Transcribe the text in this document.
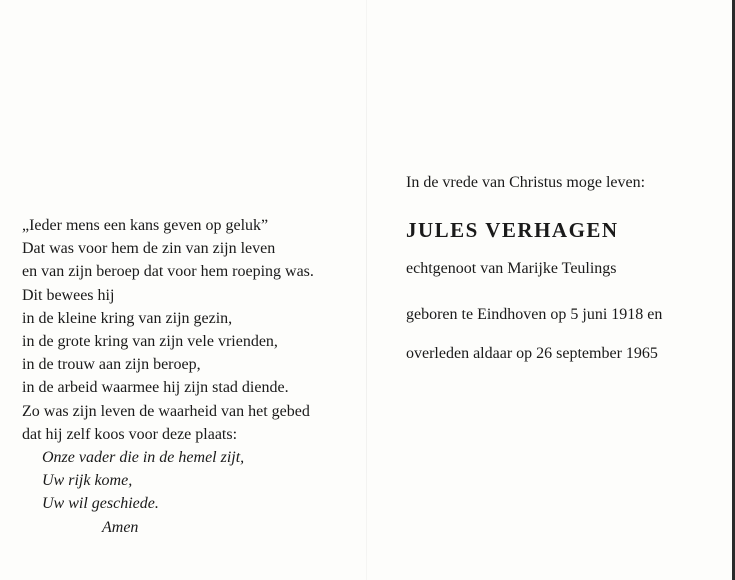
„Ieder mens een kans geven op geluk”
Dat was voor hem de zin van zijn leven
en van zijn beroep dat voor hem roeping was.
Dit bewees hij
in de kleine kring van zijn gezin,
in de grote kring van zijn vele vrienden,
in de trouw aan zijn beroep,
in de arbeid waarmee hij zijn stad diende.
Zo was zijn leven de waarheid van het gebed
dat hij zelf koos voor deze plaats:
Onze vader die in de hemel zijt,
Uw rijk kome,
Uw wil geschiede.
Amen
In de vrede van Christus moge leven:
JULES VERHAGEN
echtgenoot van Marijke Teulings
geboren te Eindhoven op 5 juni 1918 en
overleden aldaar op 26 september 1965
